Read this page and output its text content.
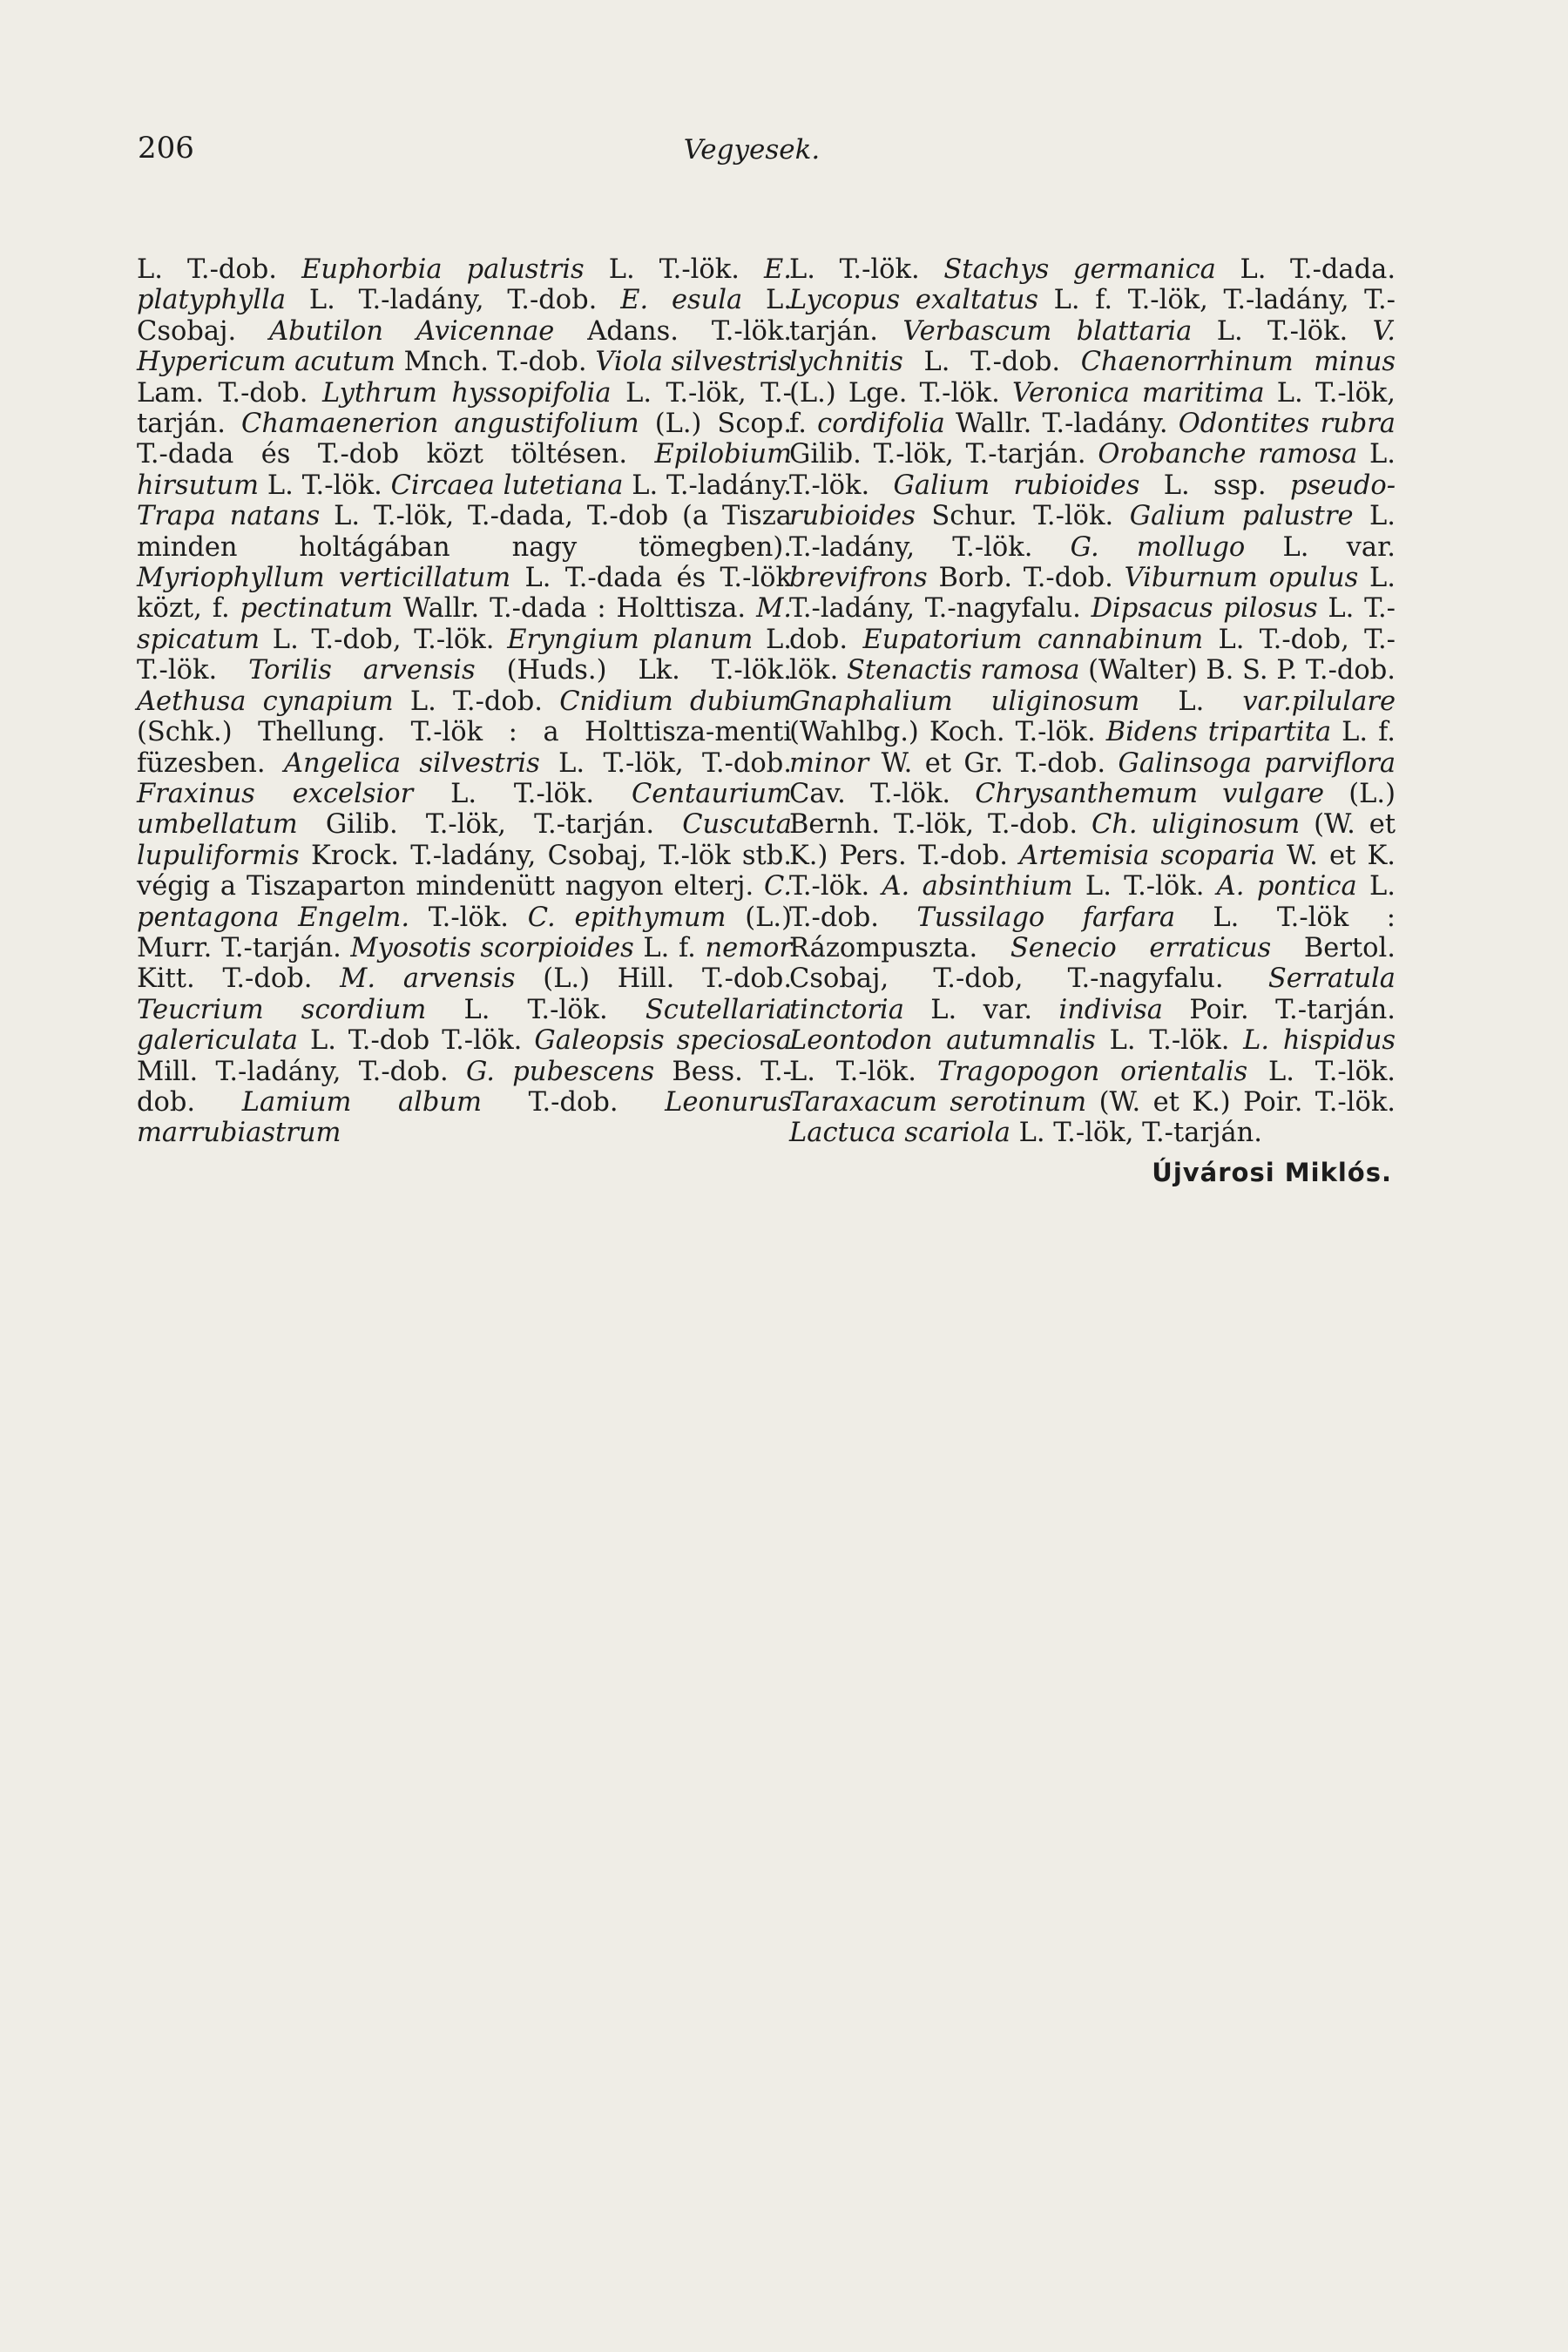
206	Vegyesek.

L. T.-dob. Euphorbia palustris L. T.-lök. E. platyphylla L. T.-ladány, T.-dob. E. esula L. Csobaj. Abutilon Avicennae Adans. T.-lök. Hypericum acutum Mnch. T.-dob. Viola silvestris Lam. T.-dob. Lythrum hyssopifolia L. T.-lök, T.-tarján. Chamaenerion angustifolium (L.) Scop. T.-dada és T.-dob közt töltésen. Epilobium hirsutum L. T.-lök. Circaea lutetiana L. T.-ladány. Trapa natans L. T.-lök, T.-dada, T.-dob (a Tisza minden holtágában nagy tömegben). Myriophyllum verticillatum L. T.-dada és T.-lök közt, f. pectinatum Wallr. T.-dada : Holttisza. M. spicatum L. T.-dob, T.-lök. Eryngium planum L. T.-lök. Torilis arvensis (Huds.) Lk. T.-lök. Aethusa cynapium L. T.-dob. Cnidium dubium (Schk.) Thellung. T.-lök : a Holttisza-menti füzesben. Angelica silvestris L. T.-lök, T.-dob. Fraxinus excelsior L. T.-lök. Centaurium umbellatum Gilib. T.-lök, T.-tarján. Cuscuta lupuliformis Krock. T.-ladány, Csobaj, T.-lök stb. végig a Tiszaparton mindenütt nagyon elterj. C. pentagona Engelm. T.-lök. C. epithymum (L.) Murr. T.-tarján. Myosotis scorpioides L. f. nemor Kitt. T.-dob. M. arvensis (L.) Hill. T.-dob. Teucrium scordium L. T.-lök. Scutellaria galericulata L. T.-dob T.-lök. Galeopsis speciosa Mill. T.-ladány, T.-dob. G. pubescens Bess. T.-dob. Lamium album T.-dob. Leonurus marrubiastrum

L. T.-lök. Stachys germanica L. T.-dada. Lycopus exaltatus L. f. T.-lök, T.-ladány, T.-tarján. Verbascum blattaria L. T.-lök. V. lychnitis L. T.-dob. Chaenorrhinum minus (L.) Lge. T.-lök. Veronica maritima L. T.-lök, f. cordifolia Wallr. T.-ladány. Odontites rubra Gilib. T.-lök, T.-tarján. Orobanche ramosa L. T.-lök. Galium rubioides L. ssp. pseudo-rubioides Schur. T.-lök. Galium palustre L. T.-ladány, T.-lök. G. mollugo L. var. brevifrons Borb. T.-dob. Viburnum opulus L. T.-ladány, T.-nagyfalu. Dipsacus pilosus L. T.-dob. Eupatorium cannabinum L. T.-dob, T.-lök. Stenactis ramosa (Walter) B. S. P. T.-dob. Gnaphalium uliginosum L. var.pilulare (Wahlbg.) Koch. T.-lök. Bidens tripartita L. f. minor W. et Gr. T.-dob. Galinsoga parviflora Cav. T.-lök. Chrysanthemum vulgare (L.) Bernh. T.-lök, T.-dob. Ch. uliginosum (W. et K.) Pers. T.-dob. Artemisia scoparia W. et K. T.-lök. A. absinthium L. T.-lök. A. pontica L. T.-dob. Tussilago farfara L. T.-lök : Rázompuszta. Senecio erraticus Bertol. Csobaj, T.-dob, T.-nagyfalu. Serratula tinctoria L. var. indivisa Poir. T.-tarján. Leontodon autumnalis L. T.-lök. L. hispidus L. T.-lök. Tragopogon orientalis L. T.-lök. Taraxacum serotinum (W. et K.) Poir. T.-lök. Lactuca scariola L. T.-lök, T.-tarján.

Újvárosi Miklós.
